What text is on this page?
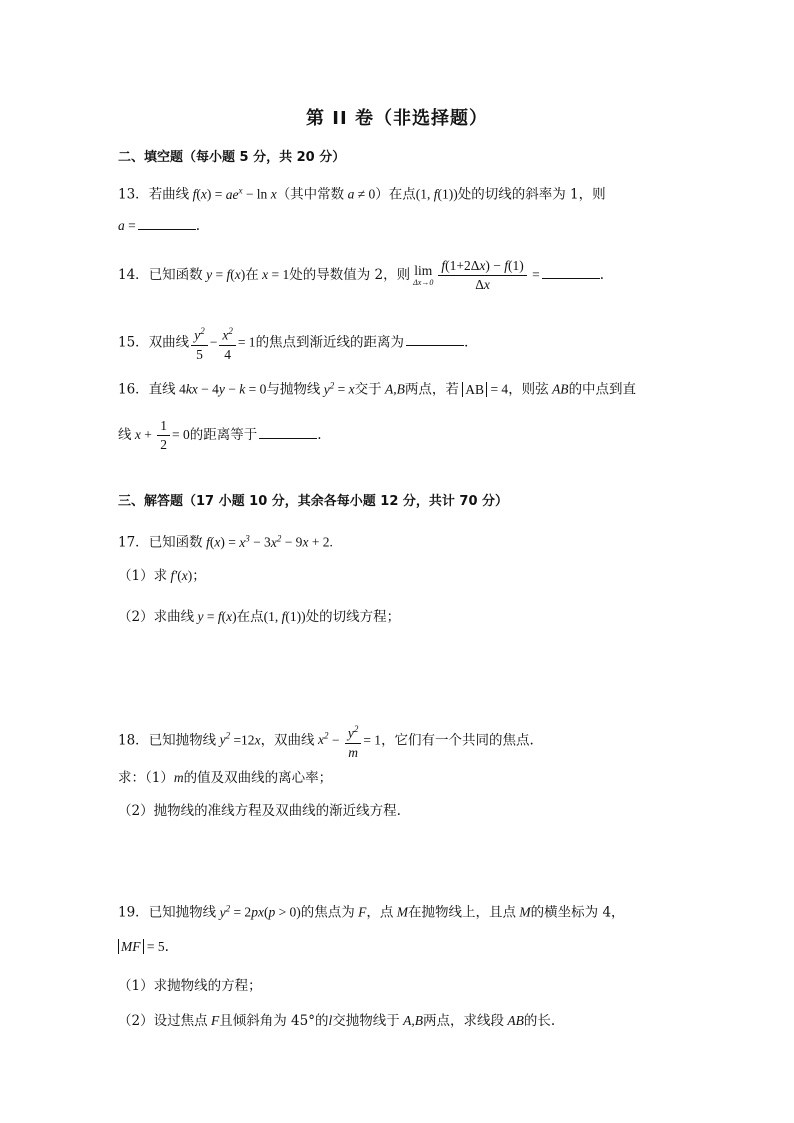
第 II 卷（非选择题）
二、填空题（每小题 5 分，共 20 分）
13．若曲线 $f(x) = ae^x - \ln x$（其中常数 a ≠ 0）在点(1, f(1))处的切线的斜率为 1，则
a =	.
14．已知函数 y = f(x)在 x = 1处的导数值为 2，则 lim
$\Delta x\to 0 \frac{f(1+2\Delta x) - f(1)}{\Delta x}$ =	.
15．双曲线 $\frac{y^2}{5} - \frac{x^2}{4} = 1$的焦点到渐近线的距离为	．
16．直线 4kx − 4y − k = 0与抛物线 $y^2 = x$交于 A,B两点，若 AB = 4，则弦 AB的中点到直
线 $x + \frac{1}{2} = 0$的距离等于	.
三、解答题（17 小题 10 分，其余各每小题 12 分，共计 70 分）
17．已知函数 $f(x) = x^3 - 3x^2 - 9x + 2$.
（1）求 f′(x)；
（2）求曲线 y = f(x)在点(1, f(1))处的切线方程；
18．已知抛物线 $y^2 =12x$，双曲线 $x^2 - \frac{y^2}{m} = 1$，它们有一个共同的焦点.
求：（1）m的值及双曲线的离心率；
（2）抛物线的准线方程及双曲线的渐近线方程.
19．已知抛物线 $y^2 = 2px(p > 0)$的焦点为 F，点 M在抛物线上，且点 M的横坐标为 4，
MF = 5.
（1）求抛物线的方程；
（2）设过焦点 F且倾斜角为 45°的l交抛物线于 A,B两点，求线段 AB的长.
